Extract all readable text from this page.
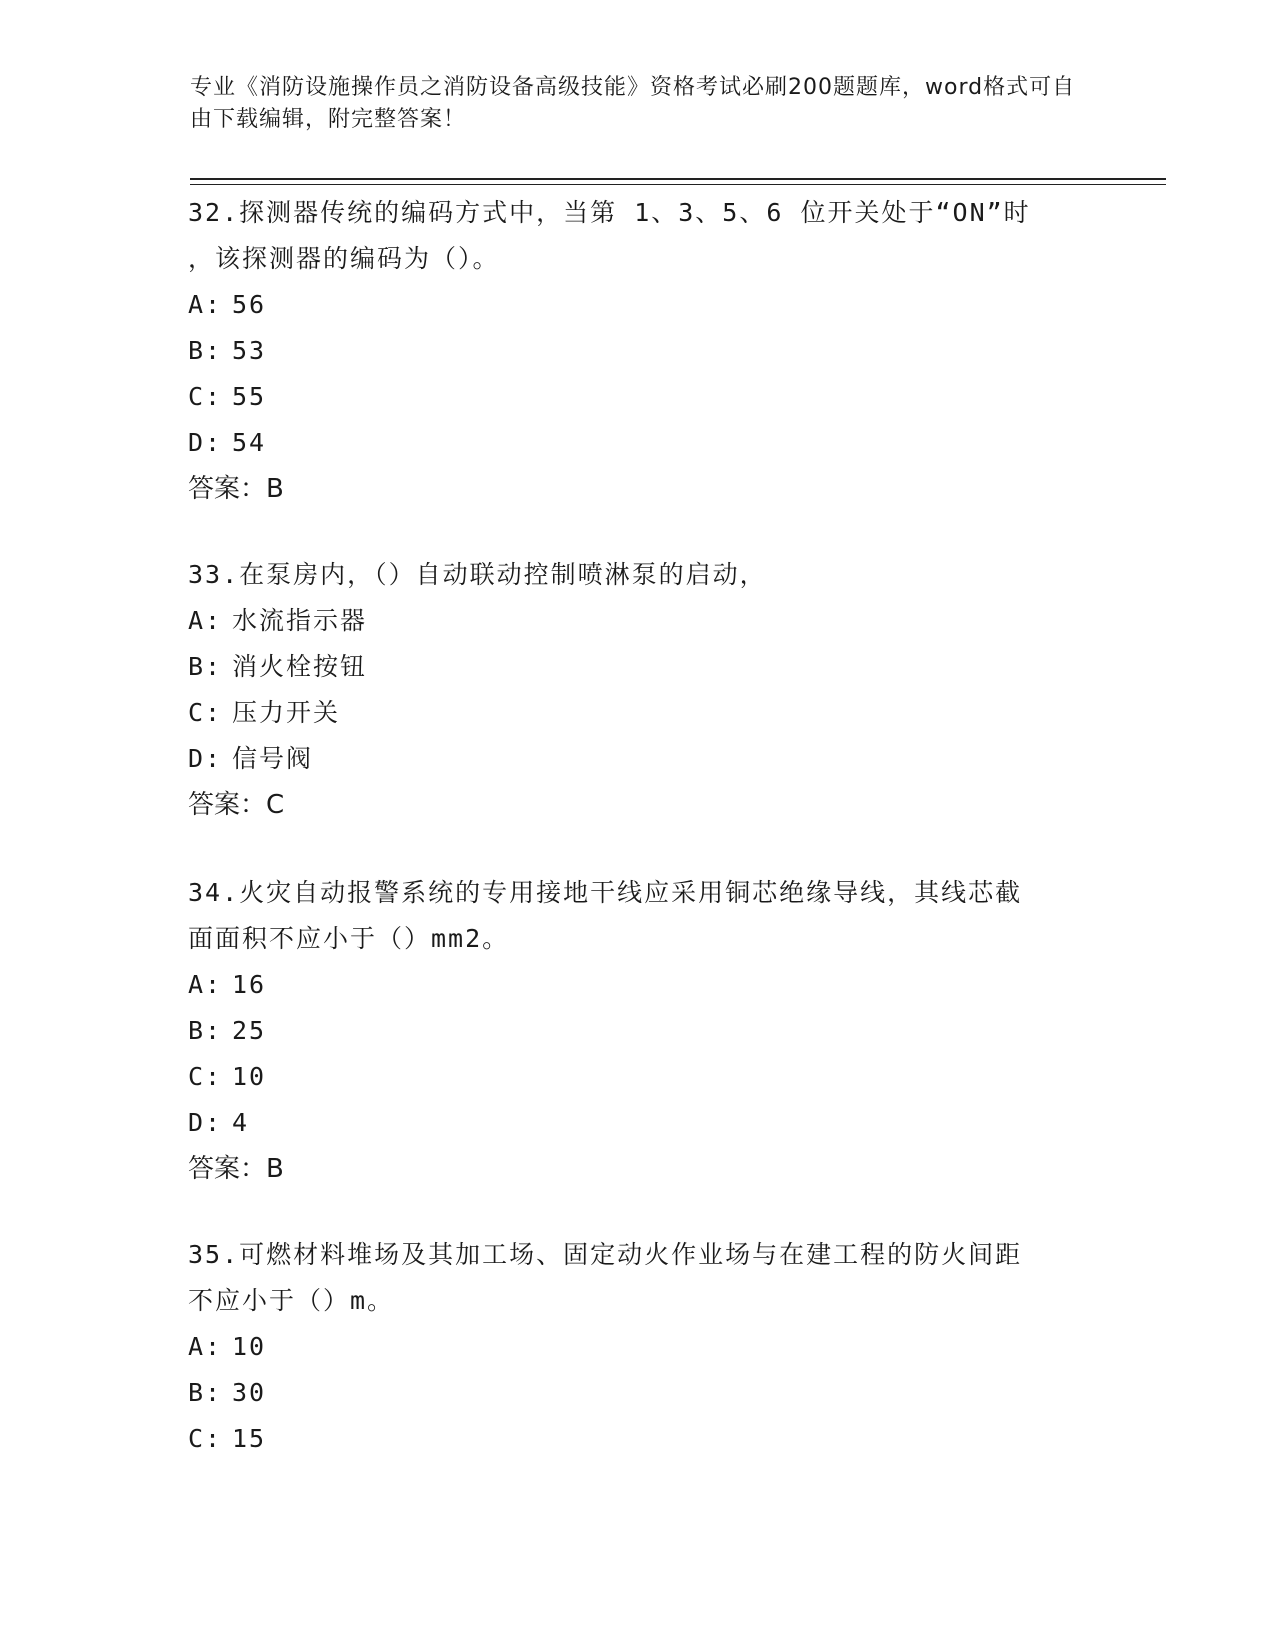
专业《消防设施操作员之消防设备高级技能》资格考试必刷200题题库，word格式可自由下载编辑，附完整答案！
32.探测器传统的编码方式中，当第 1、3、5、6 位开关处于“ON”时
，该探测器的编码为（）。
A: 56
B: 53
C: 55
D: 54
答案：B
33.在泵房内，（）自动联动控制喷淋泵的启动，
A: 水流指示器
B: 消火栓按钮
C: 压力开关
D: 信号阀
答案：C
34.火灾自动报警系统的专用接地干线应采用铜芯绝缘导线，其线芯截
面面积不应小于（）mm2。
A: 16
B: 25
C: 10
D: 4
答案：B
35.可燃材料堆场及其加工场、固定动火作业场与在建工程的防火间距
不应小于（）m。
A: 10
B: 30
C: 15
